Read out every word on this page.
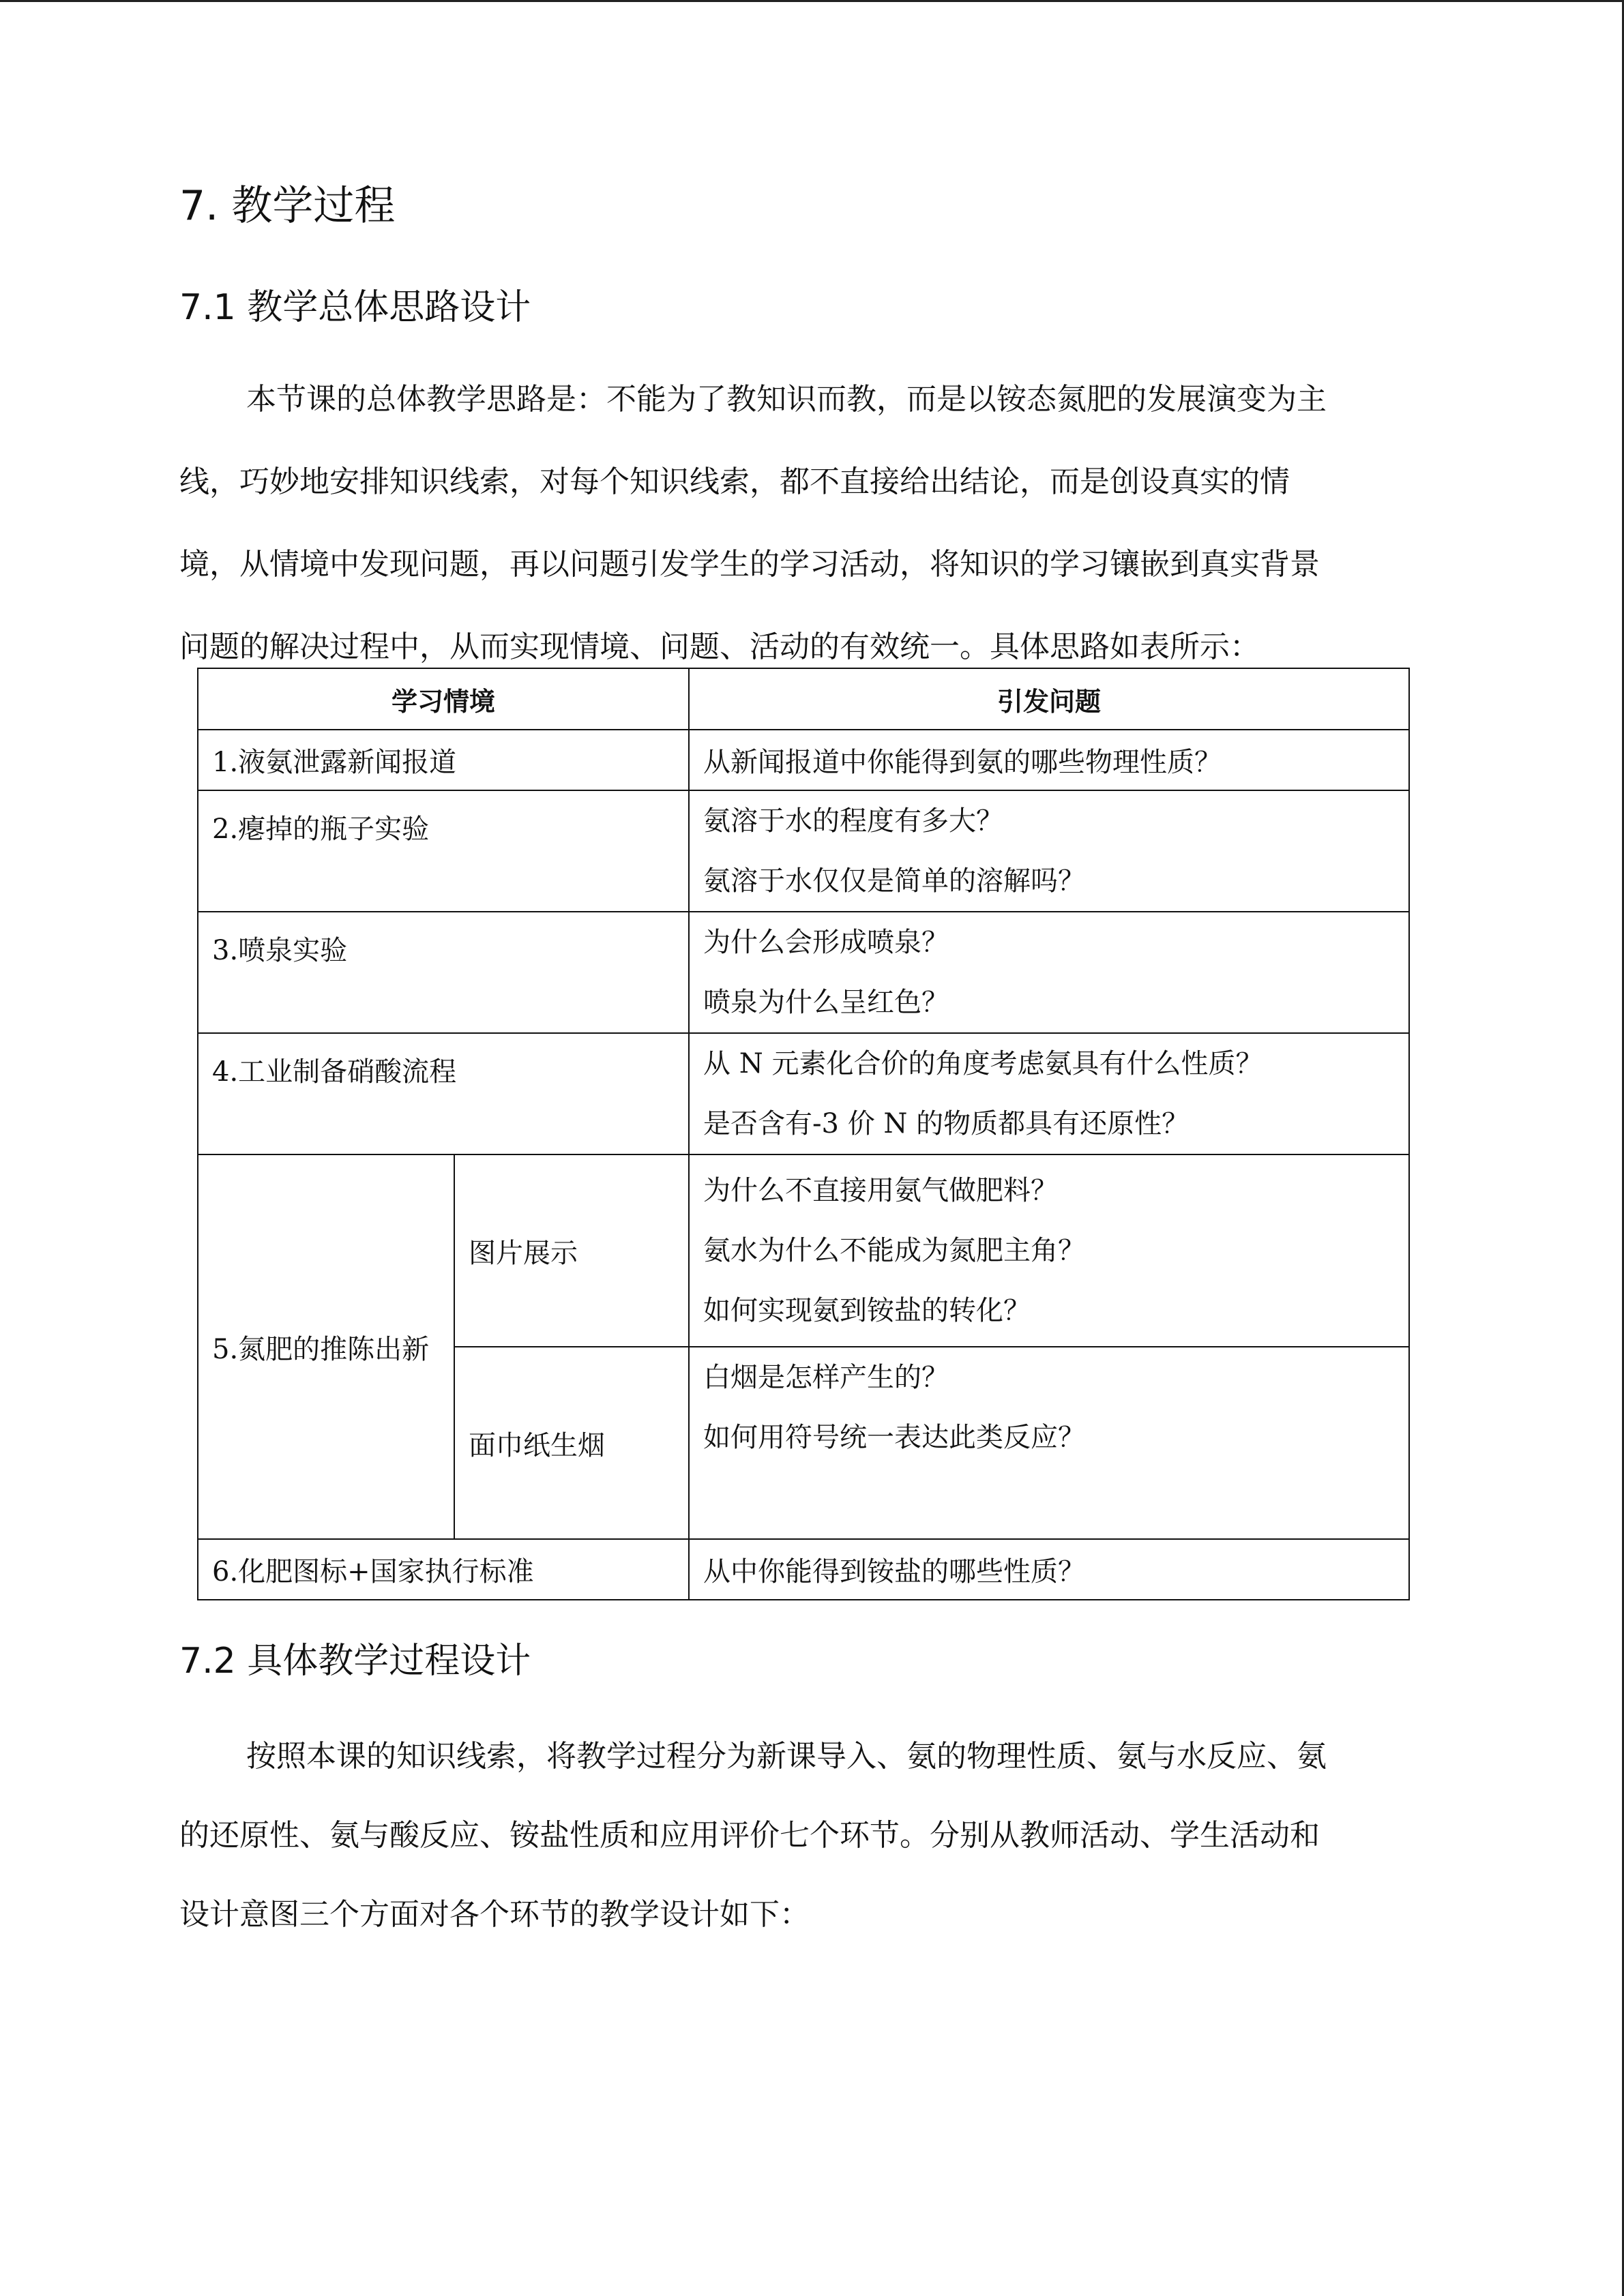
7. 教学过程
7.1 教学总体思路设计
本节课的总体教学思路是：不能为了教知识而教，而是以铵态氮肥的发展演变为主
线，巧妙地安排知识线索，对每个知识线索，都不直接给出结论，而是创设真实的情
境，从情境中发现问题，再以问题引发学生的学习活动，将知识的学习镶嵌到真实背景
问题的解决过程中，从而实现情境、问题、活动的有效统一。具体思路如表所示：
学习情境		引发问题
1.液氨泄露新闻报道		从新闻报道中你能得到氨的哪些物理性质？
2.瘪掉的瓶子实验		氨溶于水的程度有多大？
氨溶于水仅仅是简单的溶解吗？

3.喷泉实验		为什么会形成喷泉？
喷泉为什么呈红色？

4.工业制备硝酸流程		从 N 元素化合价的角度考虑氨具有什么性质？
是否含有-3 价 N 的物质都具有还原性？

5.氮肥的推陈出新	图片展示	为什么不直接用氨气做肥料？
氨水为什么不能成为氮肥主角？
如何实现氨到铵盐的转化？

	面巾纸生烟	白烟是怎样产生的？
如何用符号统一表达此类反应？

6.化肥图标+国家执行标准		从中你能得到铵盐的哪些性质？
7.2 具体教学过程设计
按照本课的知识线索，将教学过程分为新课导入、氨的物理性质、氨与水反应、氨
的还原性、氨与酸反应、铵盐性质和应用评价七个环节。分别从教师活动、学生活动和
设计意图三个方面对各个环节的教学设计如下：
